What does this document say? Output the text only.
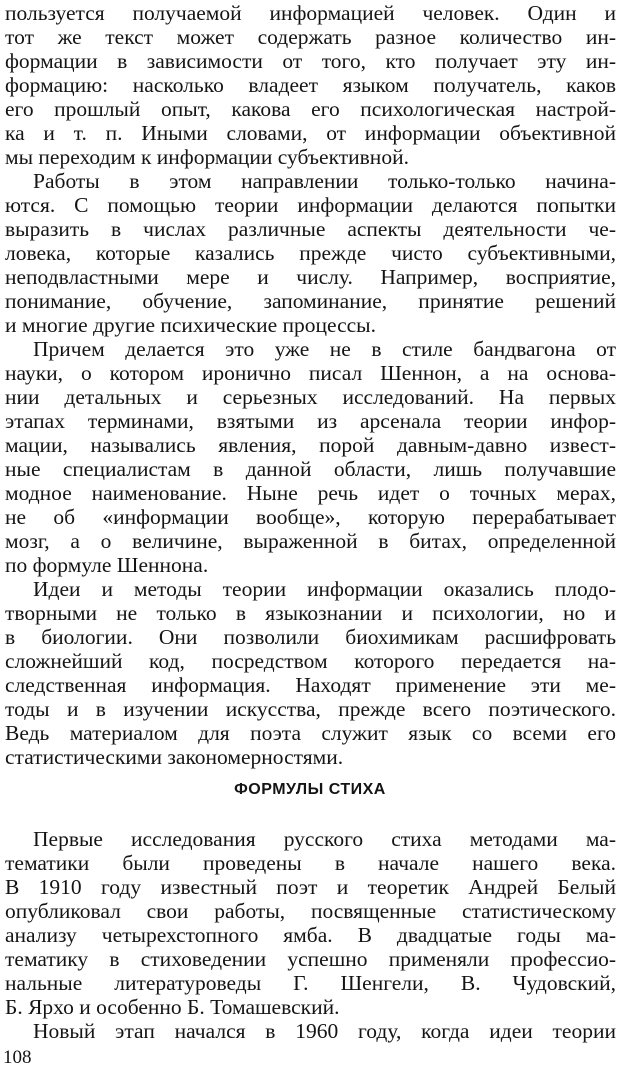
пользуется получаемой информацией человек. Один и
тот же текст может содержать разное количество ин-
формации в зависимости от того, кто получает эту ин-
формацию: насколько владеет языком получатель, каков
его прошлый опыт, какова его психологическая настрой-
ка и т. п. Иными словами, от информации объективной
мы переходим к информации субъективной.
Работы в этом направлении только-только начина-
ются. С помощью теории информации делаются попытки
выразить в числах различные аспекты деятельности че-
ловека, которые казались прежде чисто субъективными,
неподвластными мере и числу. Например, восприятие,
понимание, обучение, запоминание, принятие решений
и многие другие психические процессы.
Причем делается это уже не в стиле бандвагона от
науки, о котором иронично писал Шеннон, а на основа-
нии детальных и серьезных исследований. На первых
этапах терминами, взятыми из арсенала теории инфор-
мации, назывались явления, порой давным-давно извест-
ные специалистам в данной области, лишь получавшие
модное наименование. Ныне речь идет о точных мерах,
не об «информации вообще», которую перерабатывает
мозг, а о величине, выраженной в битах, определенной
по формуле Шеннона.
Идеи и методы теории информации оказались плодо-
творными не только в языкознании и психологии, но и
в биологии. Они позволили биохимикам расшифровать
сложнейший код, посредством которого передается на-
следственная информация. Находят применение эти ме-
тоды и в изучении искусства, прежде всего поэтического.
Ведь материалом для поэта служит язык со всеми его
статистическими закономерностями.
ФОРМУЛЫ СТИХА
Первые исследования русского стиха методами ма-
тематики были проведены в начале нашего века.
В 1910 году известный поэт и теоретик Андрей Белый
опубликовал свои работы, посвященные статистическому
анализу четырехстопного ямба. В двадцатые годы ма-
тематику в стиховедении успешно применяли профессио-
нальные литературоведы Г. Шенгели, В. Чудовский,
Б. Ярхо и особенно Б. Томашевский.
Новый этап начался в 1960 году, когда идеи теории
108
